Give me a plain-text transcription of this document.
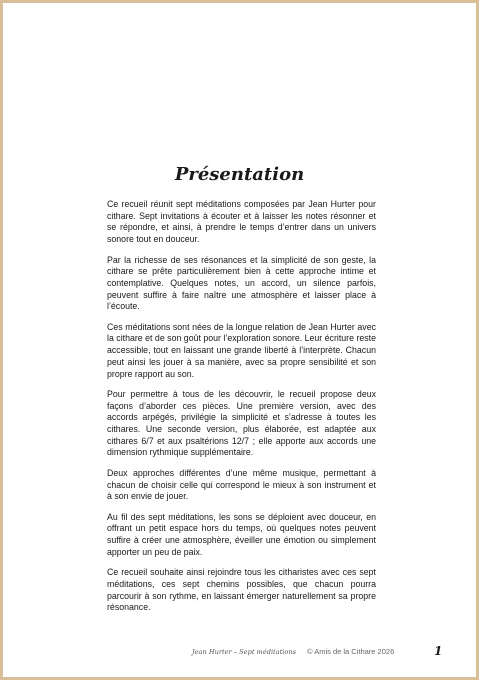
Présentation

Ce recueil réunit sept méditations composées par Jean Hurter pour cithare. Sept invitations à écouter et à laisser les notes résonner et se répondre, et ainsi, à prendre le temps d’entrer dans un univers sonore tout en douceur.

Par la richesse de ses résonances et la simplicité de son geste, la cithare se prête particulièrement bien à cette approche intime et contemplative. Quelques notes, un accord, un silence parfois, peuvent suffire à faire naître une atmosphère et laisser place à l’écoute.

Ces méditations sont nées de la longue relation de Jean Hurter avec la cithare et de son goût pour l’exploration sonore. Leur écriture reste accessible, tout en laissant une grande liberté à l’interprète. Chacun peut ainsi les jouer à sa manière, avec sa propre sensibilité et son propre rapport au son.

Pour permettre à tous de les découvrir, le recueil propose deux façons d’aborder ces pièces. Une première version, avec des accords arpégés, privilégie la simplicité et s’adresse à toutes les cithares. Une seconde version, plus élaborée, est adaptée aux cithares 6/7 et aux psaltérions 12/7 ; elle apporte aux accords une dimension rythmique supplémentaire.

Deux approches différentes d’une même musique, permettant à chacun de choisir celle qui correspond le mieux à son instrument et à son envie de jouer.

Au fil des sept méditations, les sons se déploient avec douceur, en offrant un petit espace hors du temps, où quelques notes peuvent suffire à créer une atmosphère, éveiller une émotion ou simplement apporter un peu de paix.

Ce recueil souhaite ainsi rejoindre tous les citharistes avec ces sept méditations, ces sept chemins possibles, que chacun pourra parcourir à son rythme, en laissant émerger naturellement sa propre résonance.

Jean Hurter – Sept méditations © Amis de la Cithare 2026	1
